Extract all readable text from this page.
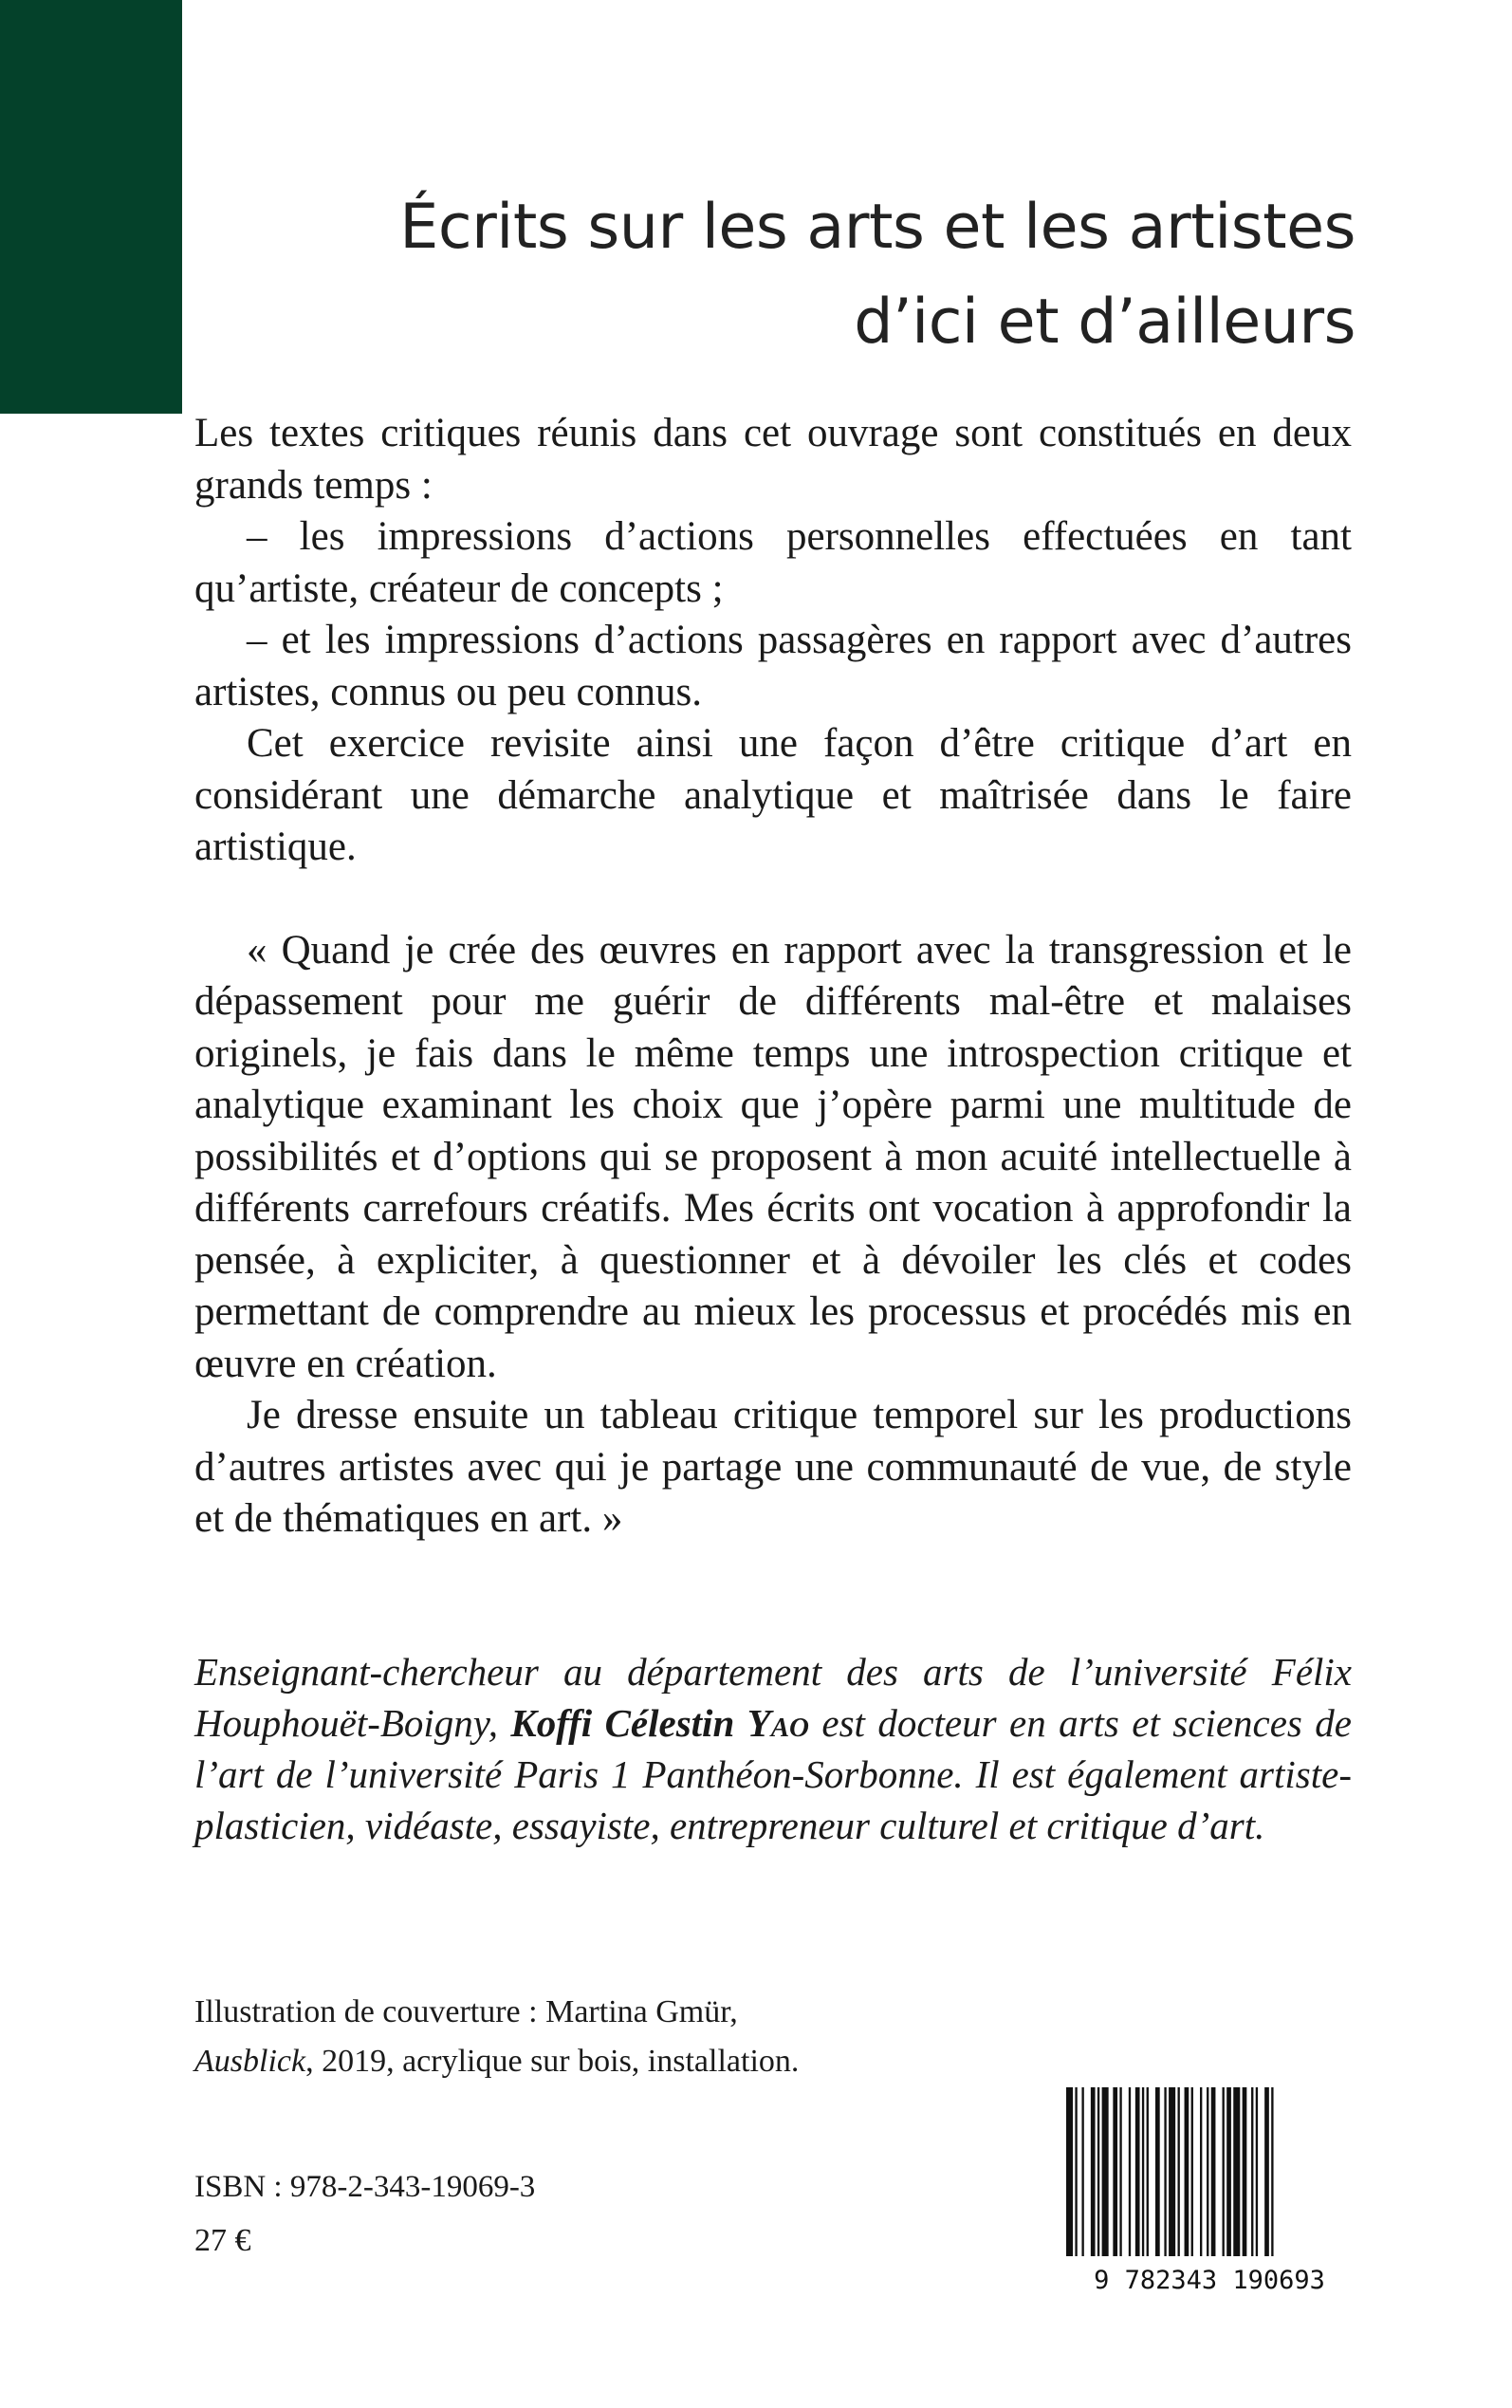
Écrits sur les arts et les artistes
d’ici et d’ailleurs

Les textes critiques réunis dans cet ouvrage sont constitués en deux grands temps :

– les impressions d’actions personnelles effectuées en tant qu’artiste, créateur de concepts ;

– et les impressions d’actions passagères en rapport avec d’autres artistes, connus ou peu connus.

Cet exercice revisite ainsi une façon d’être critique d’art en considérant une démarche analytique et maîtrisée dans le faire artistique.

« Quand je crée des œuvres en rapport avec la transgression et le dépassement pour me guérir de différents mal-être et malaises originels, je fais dans le même temps une introspection critique et analytique examinant les choix que j’opère parmi une multitude de possibilités et d’options qui se proposent à mon acuité intellectuelle à différents carrefours créatifs. Mes écrits ont vocation à approfondir la pensée, à expliciter, à questionner et à dévoiler les clés et codes permettant de comprendre au mieux les processus et procédés mis en œuvre en création.

Je dresse ensuite un tableau critique temporel sur les productions d’autres artistes avec qui je partage une communauté de vue, de style et de thématiques en art. »

Enseignant-chercheur au département des arts de l’université Félix Houphouët-Boigny, Koffi Célestin Yao est docteur en arts et sciences de l’art de l’université Paris 1 Panthéon-Sorbonne. Il est également artiste-plasticien, vidéaste, essayiste, entrepreneur culturel et critique d’art.
Illustration de couverture : Martina Gmür,
Ausblick, 2019, acrylique sur bois, installation.
ISBN : 978-2-343-19069-3
27 €
9 782343 190693
